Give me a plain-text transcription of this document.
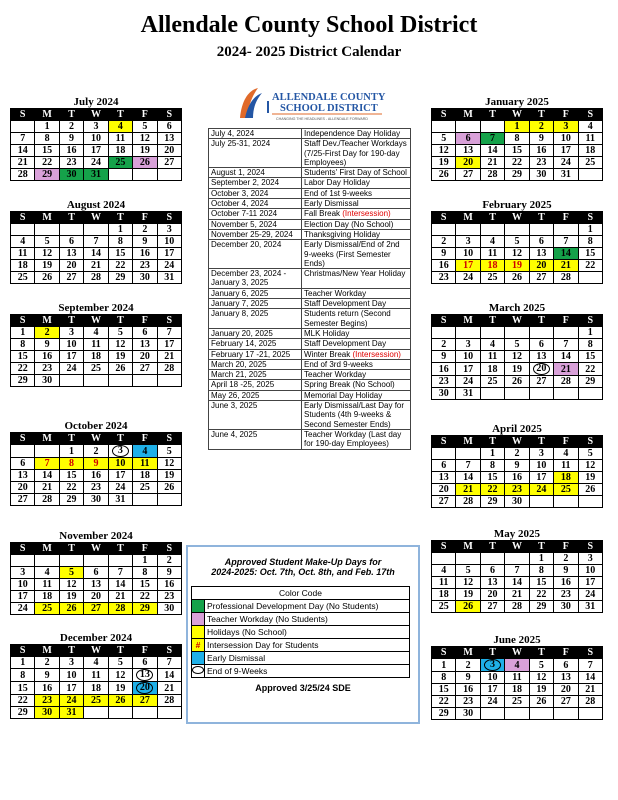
Allendale County School District
2024- 2025 District Calendar
ALLENDALE COUNTY
SCHOOL DISTRICT
CHANGING THE HEADLINES - ALLENDALE FORWARD
July 2024
S	M	T	W	T	F	S
	1	2	3	4	5	6
7	8	9	10	11	12	13
14	15	16	17	18	19	20
21	22	23	24	25	26	27
28	29	30	31			
August 2024
S	M	T	W	T	F	S
				1	2	3
4	5	6	7	8	9	10
11	12	13	14	15	16	17
18	19	20	21	22	23	24
25	26	27	28	29	30	31
September 2024
S	M	T	W	T	F	S
1	2	3	4	5	6	7
8	9	10	11	12	13	17
15	16	17	18	19	20	21
22	23	24	25	26	27	28
29	30					
October 2024
S	M	T	W	T	F	S
		1	2	3	4	5
6	7	8	9	10	11	12
13	14	15	16	17	18	19
20	21	22	23	24	25	26
27	28	29	30	31		
November 2024
S	M	T	W	T	F	S
					1	2
3	4	5	6	7	8	9
10	11	12	13	14	15	16
17	18	19	20	21	22	23
24	25	26	27	28	29	30
December 2024
S	M	T	W	T	F	S
1	2	3	4	5	6	7
8	9	10	11	12	13	14
15	16	17	18	19	20	21
22	23	24	25	26	27	28
29	30	31				
January 2025
S	M	T	W	T	F	S
			1	2	3	4
5	6	7	8	9	10	11
12	13	14	15	16	17	18
19	20	21	22	23	24	25
26	27	28	29	30	31	
February 2025
S	M	T	W	T	F	S
						1
2	3	4	5	6	7	8
9	10	11	12	13	14	15
16	17	18	19	20	21	22
23	24	25	26	27	28	
March 2025
S	M	T	W	T	F	S
						1
2	3	4	5	6	7	8
9	10	11	12	13	14	15
16	17	18	19	20	21	22
23	24	25	26	27	28	29
30	31					
April 2025
S	M	T	W	T	F	S
		1	2	3	4	5
6	7	8	9	10	11	12
13	14	15	16	17	18	19
20	21	22	23	24	25	26
27	28	29	30			
May 2025
S	M	T	W	T	F	S
				1	2	3
4	5	6	7	8	9	10
11	12	13	14	15	16	17
18	19	20	21	22	23	24
25	26	27	28	29	30	31
June 2025
S	M	T	W	T	F	S
1	2	3	4	5	6	7
8	9	10	11	12	13	14
15	16	17	18	19	20	21
22	23	24	25	26	27	28
29	30					
July 4, 2024	Independence Day Holiday
July 25-31, 2024	Staff Dev./Teacher Workdays (7/25-First Day for 190-day Employees)
August 1, 2024	Students' First Day of School
September 2, 2024	Labor Day Holiday
October 3, 2024	End of 1st 9-weeks
October 4, 2024	Early Dismissal
October 7-11 2024	Fall Break (Intersession)
November 5, 2024	Election Day (No School)
November 25-29, 2024	Thanksgiving Holiday
December 20, 2024	Early Dismissal/End of 2nd 9-weeks (First Semester Ends)
December 23, 2024 - January 3, 2025	Christmas/New Year Holiday
January 6, 2025	Teacher Workday
January 7, 2025	Staff Development Day
January 8, 2025	Students return (Second Semester Begins)
January 20, 2025	MLK Holiday
February 14, 2025	Staff Development Day
February 17 -21, 2025	Winter Break (Intersession)
March 20, 2025	End of 3rd 9-weeks
March 21, 2025	Teacher Workday
April 18 -25, 2025	Spring Break (No School)
May 26, 2025	Memorial Day Holiday
June 3, 2025	Early Dismissal/Last Day for Students (4th 9-weeks & Second Semester Ends)
June 4, 2025	Teacher Workday (Last day for 190-day Employees)
Approved Student Make-Up Days for
2024-2025: Oct. 7th, Oct. 8th, and Feb. 17th
Color Code	
	Professional Development Day (No Students)
	Teacher Workday (No Students)
	Holidays (No School)
#	Intersession Day for Students
	Early Dismissal
	End of 9-Weeks
Approved 3/25/24 SDE
